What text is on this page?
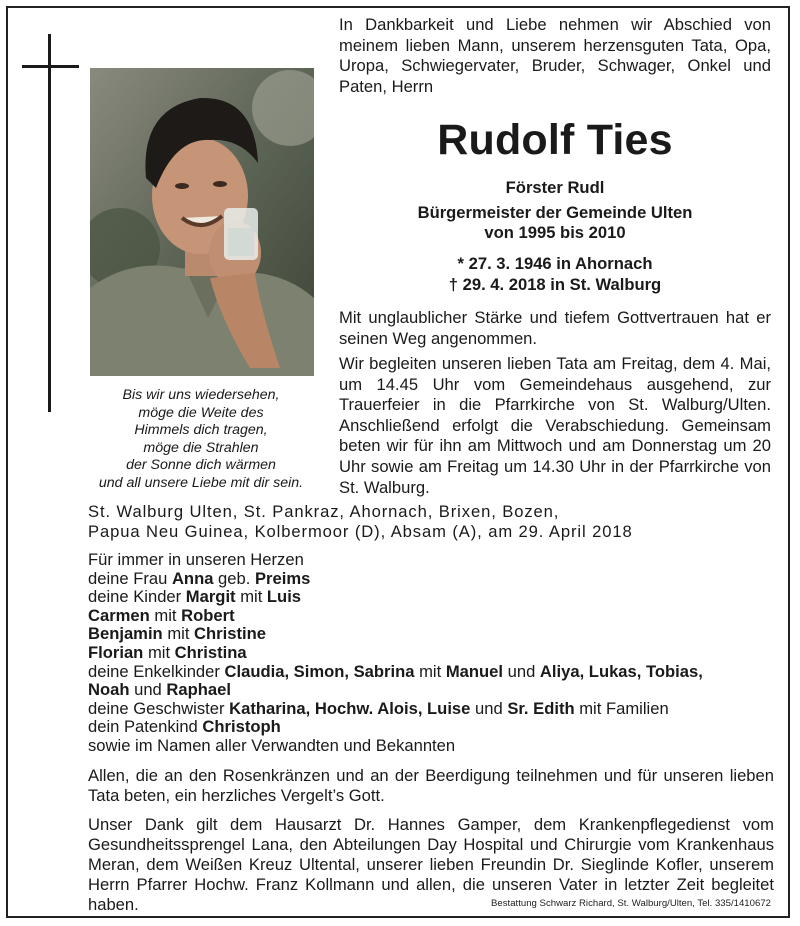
Bis wir uns wiedersehen,
möge die Weite des
Himmels dich tragen,
möge die Strahlen
der Sonne dich wärmen
und all unsere Liebe mit dir sein.
In Dankbarkeit und Liebe nehmen wir Abschied von meinem lieben Mann, unserem herzensguten Tata, Opa, Uropa, Schwiegervater, Bruder, Schwager, Onkel und Paten, Herrn
Rudolf Ties
Förster Rudl
Bürgermeister der Gemeinde Ulten
von 1995 bis 2010
* 27. 3. 1946 in Ahornach
† 29. 4. 2018 in St. Walburg
Mit unglaublicher Stärke und tiefem Gottvertrauen hat er seinen Weg angenommen.
Wir begleiten unseren lieben Tata am Freitag, dem 4. Mai, um 14.45 Uhr vom Gemeindehaus ausgehend, zur Trauerfeier in die Pfarrkirche von St. Walburg/Ulten. Anschließend erfolgt die Verabschiedung. Gemeinsam beten wir für ihn am Mittwoch und am Donnerstag um 20 Uhr sowie am Freitag um 14.30 Uhr in der Pfarrkirche von St. Walburg.
St. Walburg Ulten, St. Pankraz, Ahornach, Brixen, Bozen,
Papua Neu Guinea, Kolbermoor (D), Absam (A), am 29. April 2018
Für immer in unseren Herzen
deine Frau Anna geb. Preims
deine Kinder Margit mit Luis
Carmen mit Robert
Benjamin mit Christine
Florian mit Christina
deine Enkelkinder Claudia, Simon, Sabrina mit Manuel und Aliya, Lukas, Tobias,
Noah und Raphael
deine Geschwister Katharina, Hochw. Alois, Luise und Sr. Edith mit Familien
dein Patenkind Christoph
sowie im Namen aller Verwandten und Bekannten
Allen, die an den Rosenkränzen und an der Beerdigung teilnehmen und für unseren lieben Tata beten, ein herzliches Vergelt’s Gott.
Unser Dank gilt dem Hausarzt Dr. Hannes Gamper, dem Krankenpflegedienst vom Gesundheitssprengel Lana, den Abteilungen Day Hospital und Chirurgie vom Krankenhaus Meran, dem Weißen Kreuz Ultental, unserer lieben Freundin Dr. Sieglinde Kofler, unserem Herrn Pfarrer Hochw. Franz Kollmann und allen, die unseren Vater in letzter Zeit begleitet haben.	Bestattung Schwarz Richard, St. Walburg/Ulten, Tel. 335/1410672
